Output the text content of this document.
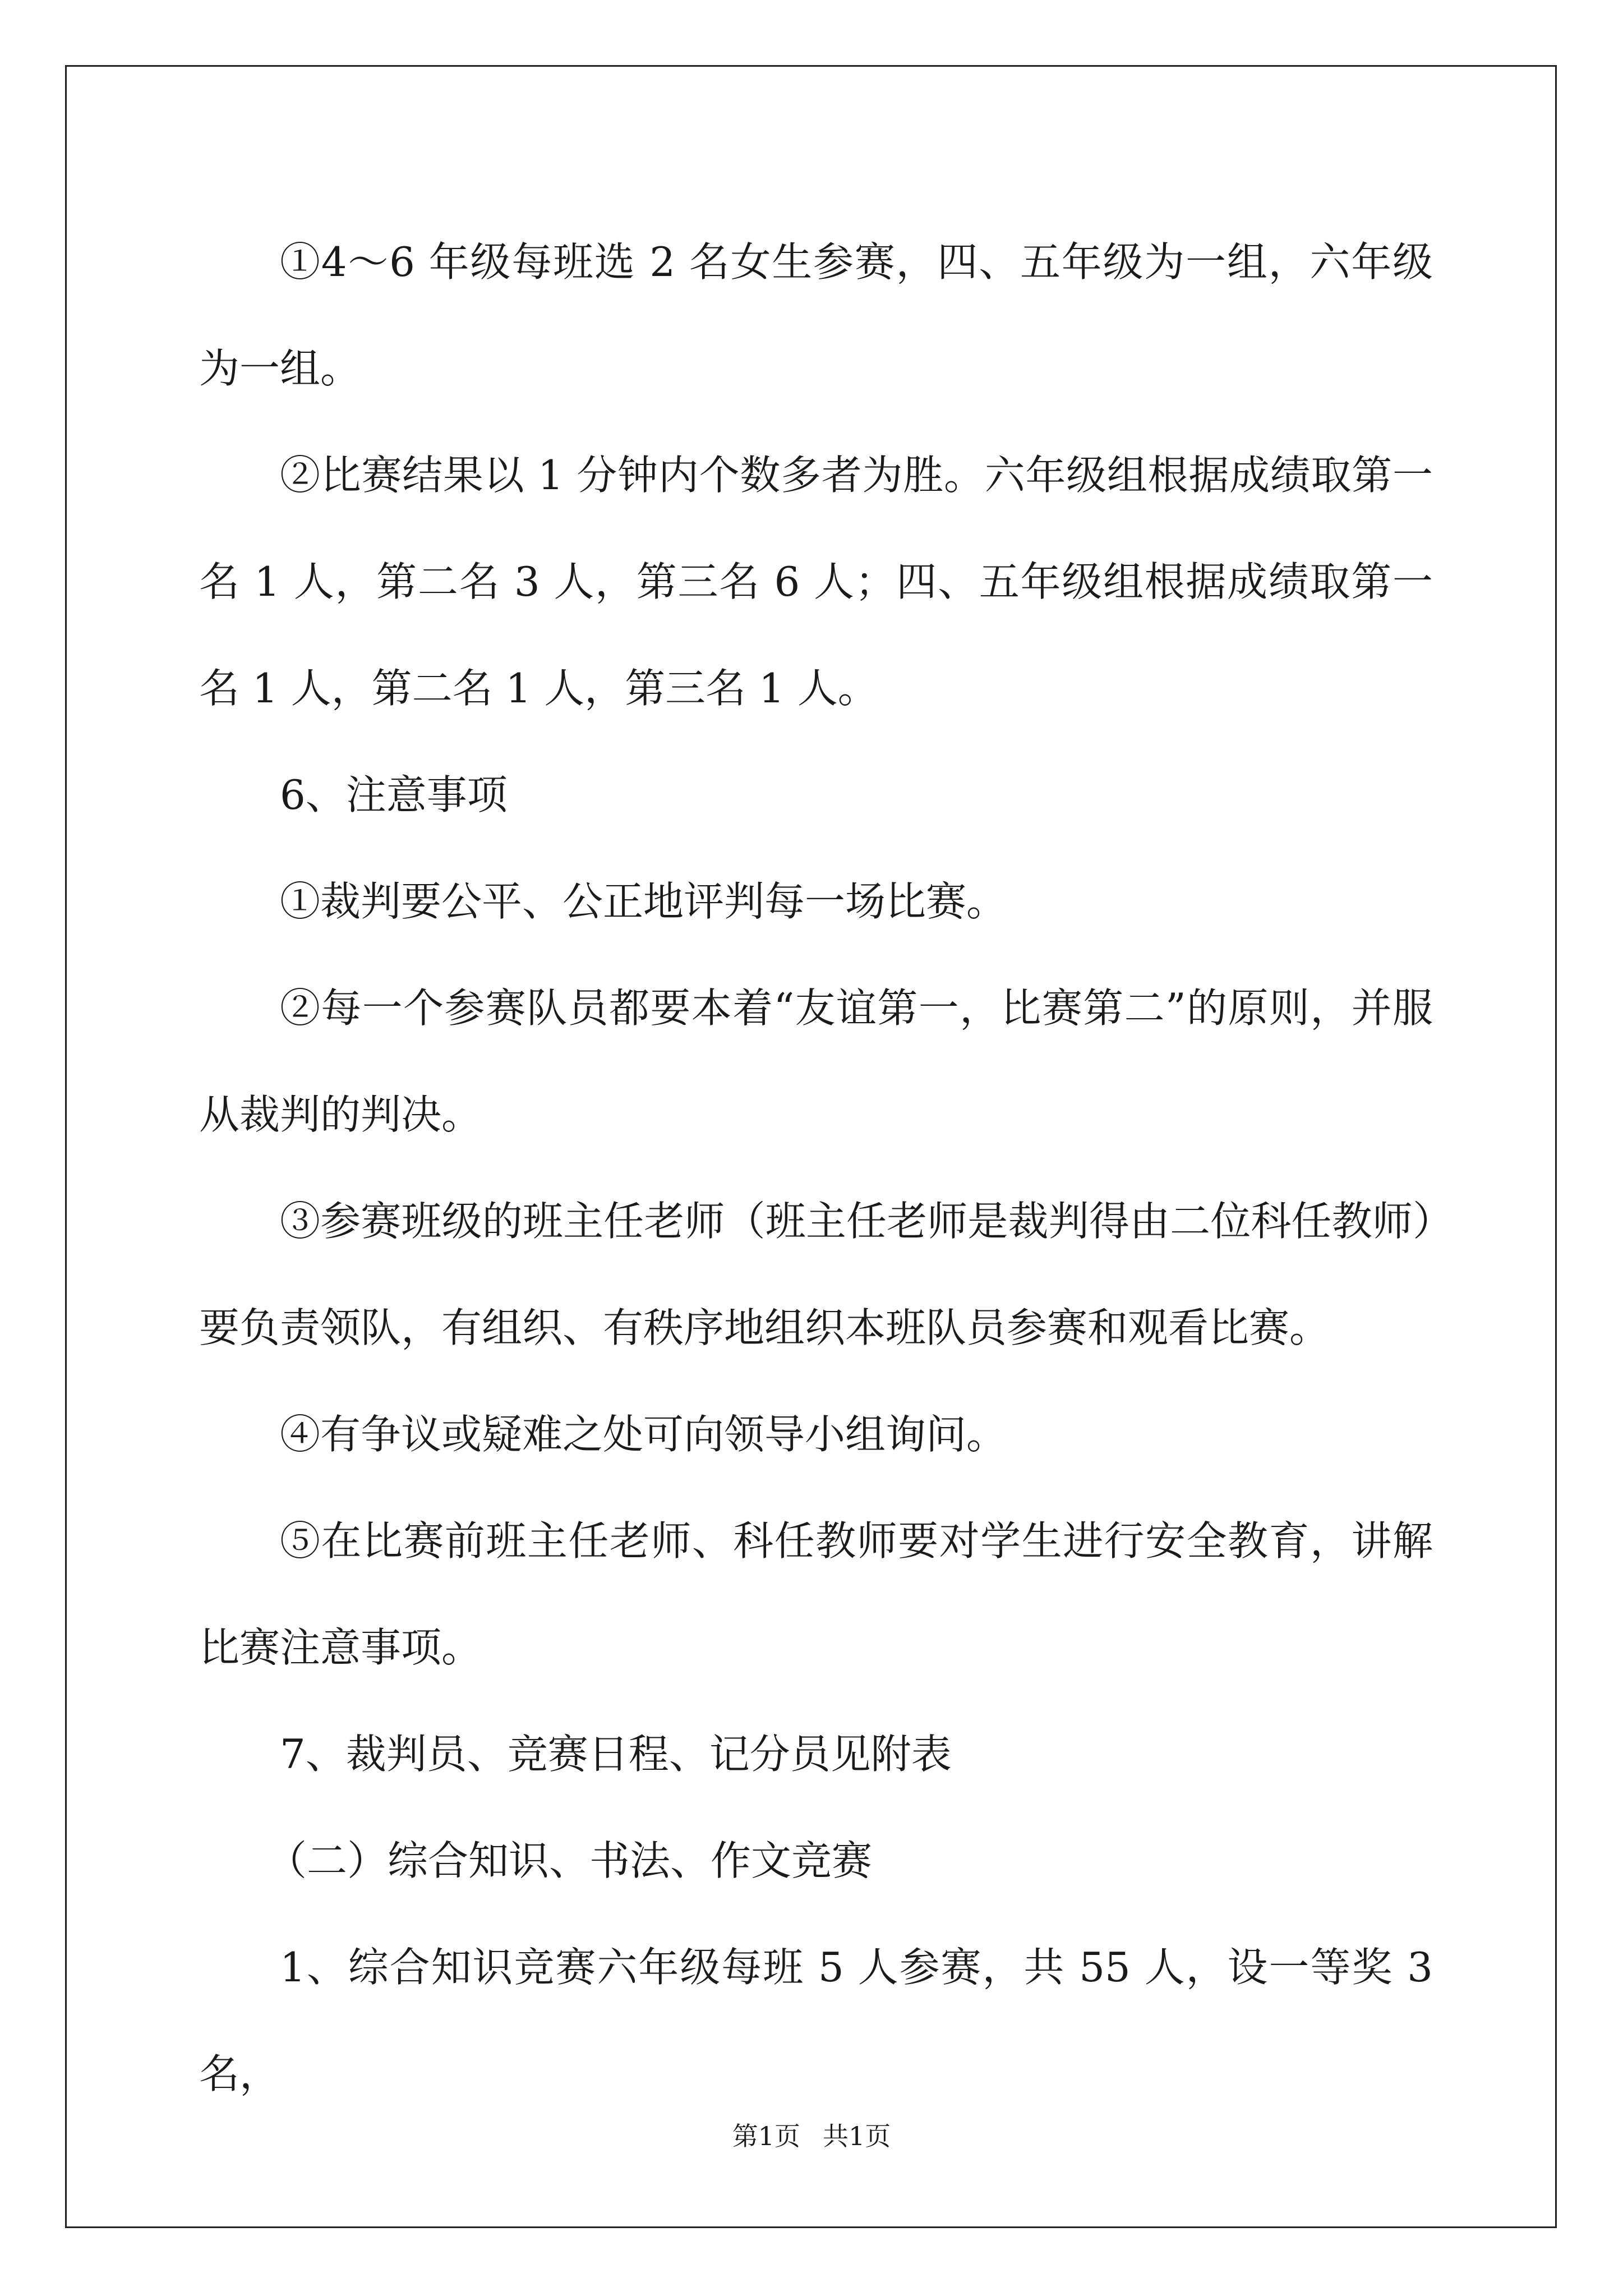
①4～6 年级每班选 2 名女生参赛，四、五年级为一组，六年级为一组。

②比赛结果以 1 分钟内个数多者为胜。六年级组根据成绩取第一名 1 人，第二名 3 人，第三名 6 人；四、五年级组根据成绩取第一名 1 人，第二名 1 人，第三名 1 人。

6、注意事项

①裁判要公平、公正地评判每一场比赛。

②每一个参赛队员都要本着“友谊第一，比赛第二”的原则，并服从裁判的判决。

③参赛班级的班主任老师（班主任老师是裁判得由二位科任教师）要负责领队，有组织、有秩序地组织本班队员参赛和观看比赛。

④有争议或疑难之处可向领导小组询问。

⑤在比赛前班主任老师、科任教师要对学生进行安全教育，讲解比赛注意事项。

7、裁判员、竞赛日程、记分员见附表

（二）综合知识、书法、作文竞赛

1、综合知识竞赛六年级每班 5 人参赛，共 55 人，设一等奖 3 名，

第1页 共1页
